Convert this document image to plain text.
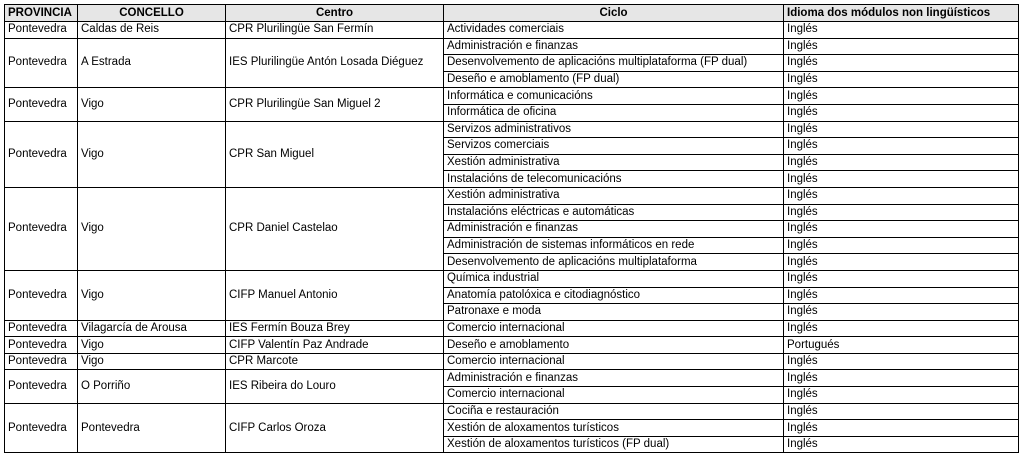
PROVINCIA	CONCELLO	Centro	Ciclo	Idioma dos módulos non lingüísticos
Pontevedra	Caldas de Reis	CPR Plurilingüe San Fermín	Actividades comerciais	Inglés
Pontevedra	A Estrada	IES Plurilingüe Antón Losada Diéguez	Administración e finanzas	Inglés
			Desenvolvemento de aplicacións multiplataforma (FP dual)	Inglés
			Deseño e amoblamento (FP dual)	Inglés
Pontevedra	Vigo	CPR Plurilingüe San Miguel 2	Informática e comunicacións	Inglés
			Informática de oficina	Inglés
Pontevedra	Vigo	CPR San Miguel	Servizos administrativos	Inglés
			Servizos comerciais	Inglés
			Xestión administrativa	Inglés
			Instalacións de telecomunicacións	Inglés
Pontevedra	Vigo	CPR Daniel Castelao	Xestión administrativa	Inglés
			Instalacións eléctricas e automáticas	Inglés
			Administración e finanzas	Inglés
			Administración de sistemas informáticos en rede	Inglés
			Desenvolvemento de aplicacións multiplataforma	Inglés
Pontevedra	Vigo	CIFP Manuel Antonio	Química industrial	Inglés
			Anatomía patolóxica e citodiagnóstico	Inglés
			Patronaxe e moda	Inglés
Pontevedra	Vilagarcía de Arousa	IES Fermín Bouza Brey	Comercio internacional	Inglés
Pontevedra	Vigo	CIFP Valentín Paz Andrade	Deseño e amoblamento	Portugués
Pontevedra	Vigo	CPR Marcote	Comercio internacional	Inglés
Pontevedra	O Porriño	IES Ribeira do Louro	Administración e finanzas	Inglés
			Comercio internacional	Inglés
Pontevedra	Pontevedra	CIFP Carlos Oroza	Cociña e restauración	Inglés
			Xestión de aloxamentos turísticos	Inglés
			Xestión de aloxamentos turísticos (FP dual)	Inglés
